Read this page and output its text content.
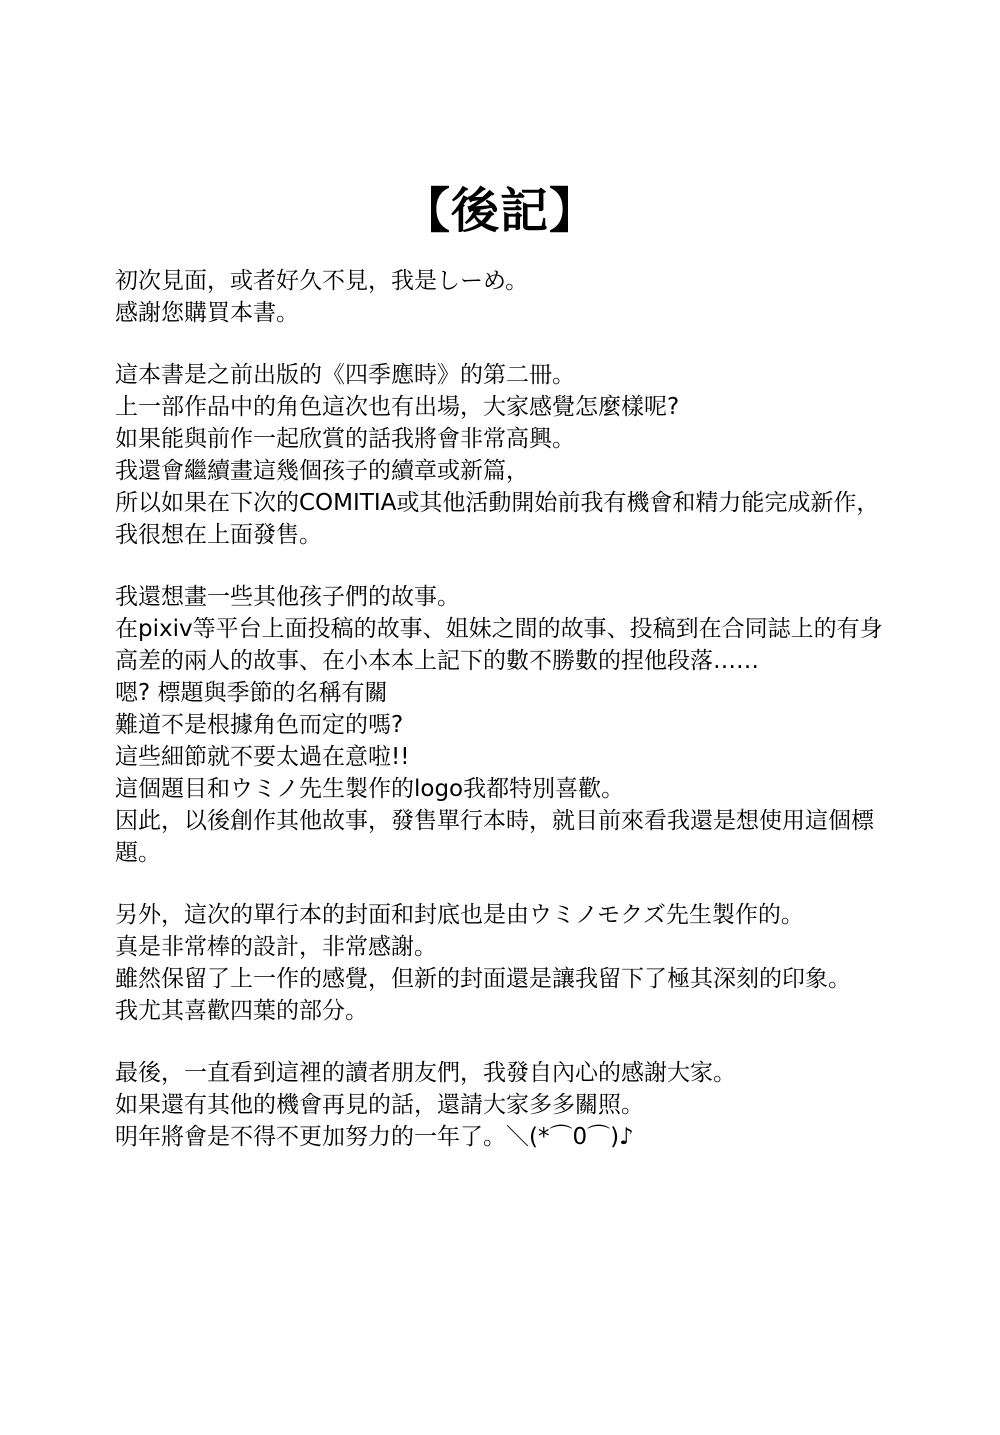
【後記】
初次見面，或者好久不見，我是しーめ。
感謝您購買本書。
這本書是之前出版的《四季應時》的第二冊。
上一部作品中的角色這次也有出場，大家感覺怎麼樣呢?
如果能與前作一起欣賞的話我將會非常高興。
我還會繼續畫這幾個孩子的續章或新篇，
所以如果在下次的COMITIA或其他活動開始前我有機會和精力能完成新作，
我很想在上面發售。
我還想畫一些其他孩子們的故事。
在pixiv等平台上面投稿的故事、姐妹之間的故事、投稿到在合同誌上的有身
高差的兩人的故事、在小本本上記下的數不勝數的捏他段落……
嗯? 標題與季節的名稱有關
難道不是根據角色而定的嗎?
這些細節就不要太過在意啦!!
這個題目和ウミノ先生製作的logo我都特別喜歡。
因此，以後創作其他故事，發售單行本時，就目前來看我還是想使用這個標
題。
另外，這次的單行本的封面和封底也是由ウミノモクズ先生製作的。
真是非常棒的設計，非常感謝。
雖然保留了上一作的感覺，但新的封面還是讓我留下了極其深刻的印象。
我尤其喜歡四葉的部分。
最後，一直看到這裡的讀者朋友們，我發自內心的感謝大家。
如果還有其他的機會再見的話，還請大家多多關照。
明年將會是不得不更加努力的一年了。＼(*⌒0⌒)♪
